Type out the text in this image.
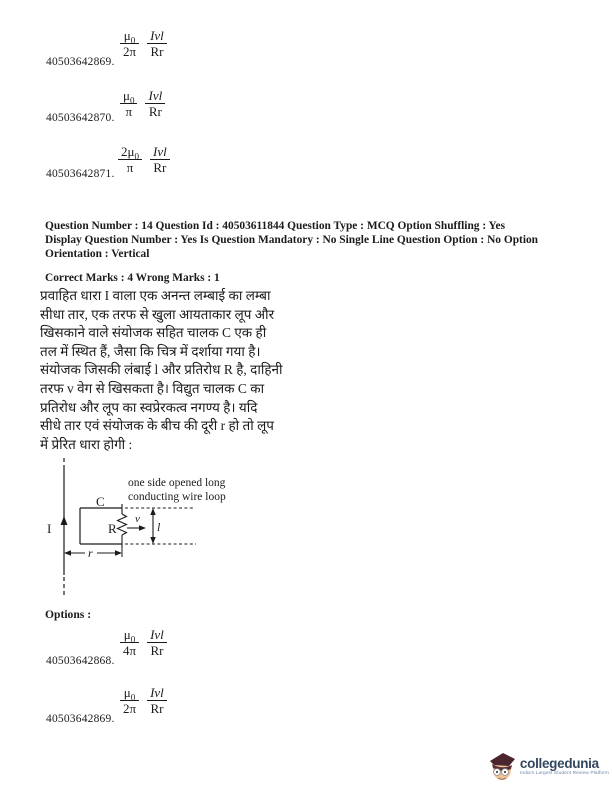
40503642869.
$\frac{\mu_0}{2\pi} \frac{\text{Ivl}}{Rr}$
40503642870. $\frac{\mu_0}{\pi} \frac{\text{Ivl}}{Rr}$
40503642871. $\frac{2\mu_0}{\pi} \frac{\text{Ivl}}{Rr}$
Question Number : 14 Question Id : 40503611844 Question Type : MCQ Option Shuffling : Yes
Display Question Number : Yes Is Question Mandatory : No Single Line Question Option : No Option
Orientation : Vertical
Correct Marks : 4 Wrong Marks : 1
प्रवाहित धारा I वाला एक अनन्त लम्बाई का लम्बा
सीधा तार, एक तरफ से खुला आयताकार लूप और
खिसकाने वाले संयोजक सहित चालक C एक ही
तल में स्थित हैं, जैसा कि चित्र में दर्शाया गया है।
संयोजक जिसकी लंबाई l और प्रतिरोध R है, दाहिनी
तरफ v वेग से खिसकता है। विद्युत चालक C का
प्रतिरोध और लूप का स्वप्रेरकत्व नगण्य है। यदि
सीधे तार एवं संयोजक के बीच की दूरी r हो तो लूप
में प्रेरित धारा होगी :
I
C
R
v
l
r
one side opened long
conducting wire loop
Options :
40503642868.
$\frac{\mu_0}{4\pi} \frac{\text{Ivl}}{Rr}$
40503642869.
$\frac{\mu_0}{2\pi} \frac{\text{Ivl}}{Rr}$
collegedunia
India's Largest Student Review Platform
